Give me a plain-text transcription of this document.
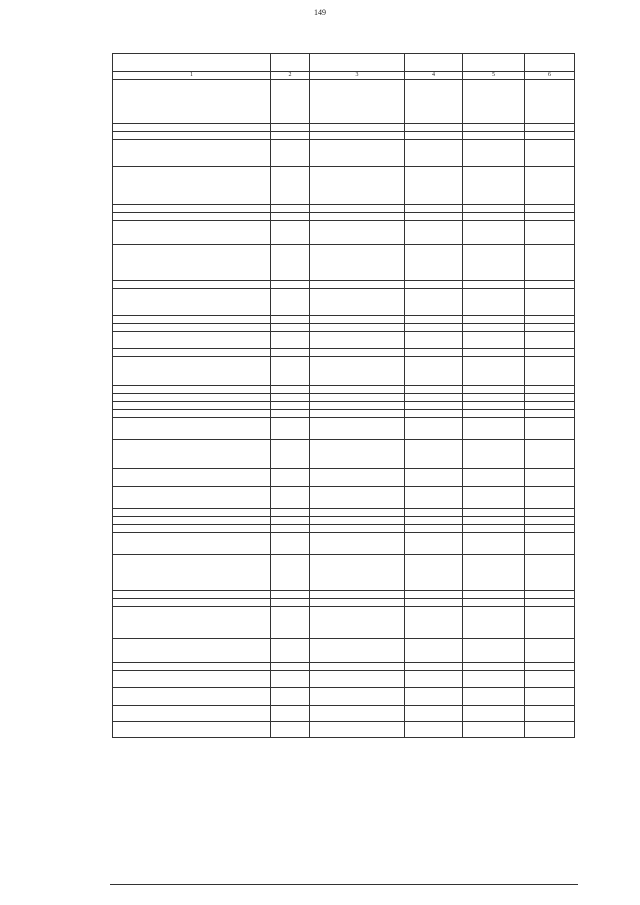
149

1	2	3	4	5	6
